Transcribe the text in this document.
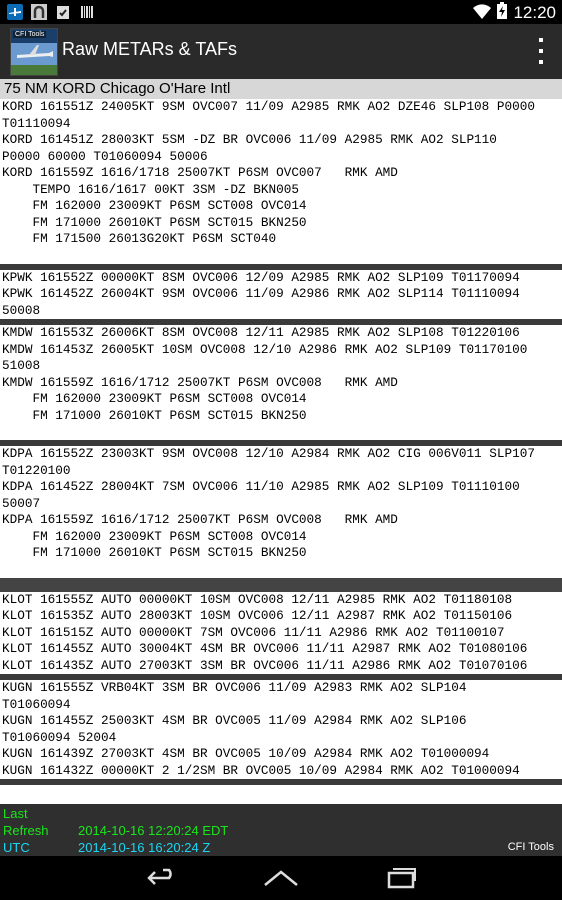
12:20
CFI Tools
Raw METARs & TAFs
75 NM KORD Chicago O'Hare Intl
KORD 161551Z 24005KT 9SM OVC007 11/09 A2985 RMK AO2 DZE46 SLP108 P0000
T01110094
KORD 161451Z 28003KT 5SM -DZ BR OVC006 11/09 A2985 RMK AO2 SLP110
P0000 60000 T01060094 50006
KORD 161559Z 1616/1718 25007KT P6SM OVC007   RMK AMD
TEMPO 1616/1617 00KT 3SM -DZ BKN005
FM 162000 23009KT P6SM SCT008 OVC014
FM 171000 26010KT P6SM SCT015 BKN250
FM 171500 26013G20KT P6SM SCT040
KPWK 161552Z 00000KT 8SM OVC006 12/09 A2985 RMK AO2 SLP109 T01170094
KPWK 161452Z 26004KT 9SM OVC006 11/09 A2986 RMK AO2 SLP114 T01110094
50008
KMDW 161553Z 26006KT 8SM OVC008 12/11 A2985 RMK AO2 SLP108 T01220106
KMDW 161453Z 26005KT 10SM OVC008 12/10 A2986 RMK AO2 SLP109 T01170100
51008
KMDW 161559Z 1616/1712 25007KT P6SM OVC008   RMK AMD
FM 162000 23009KT P6SM SCT008 OVC014
FM 171000 26010KT P6SM SCT015 BKN250
KDPA 161552Z 23003KT 9SM OVC008 12/10 A2984 RMK AO2 CIG 006V011 SLP107
T01220100
KDPA 161452Z 28004KT 7SM OVC006 11/10 A2985 RMK AO2 SLP109 T01110100
50007
KDPA 161559Z 1616/1712 25007KT P6SM OVC008   RMK AMD
FM 162000 23009KT P6SM SCT008 OVC014
FM 171000 26010KT P6SM SCT015 BKN250
KLOT 161555Z AUTO 00000KT 10SM OVC008 12/11 A2985 RMK AO2 T01180108
KLOT 161535Z AUTO 28003KT 10SM OVC006 12/11 A2987 RMK AO2 T01150106
KLOT 161515Z AUTO 00000KT 7SM OVC006 11/11 A2986 RMK AO2 T01100107
KLOT 161455Z AUTO 30004KT 4SM BR OVC006 11/11 A2987 RMK AO2 T01080106
KLOT 161435Z AUTO 27003KT 3SM BR OVC006 11/11 A2986 RMK AO2 T01070106
KUGN 161555Z VRB04KT 3SM BR OVC006 11/09 A2983 RMK AO2 SLP104
T01060094
KUGN 161455Z 25003KT 4SM BR OVC005 11/09 A2984 RMK AO2 SLP106
T01060094 52004
KUGN 161439Z 27003KT 4SM BR OVC005 10/09 A2984 RMK AO2 T01000094
KUGN 161432Z 00000KT 2 1/2SM BR OVC005 10/09 A2984 RMK AO2 T01000094
Last
Refresh 2014-10-16 12:20:24 EDT
UTC	2014-10-16 16:20:24 Z	CFI Tools
